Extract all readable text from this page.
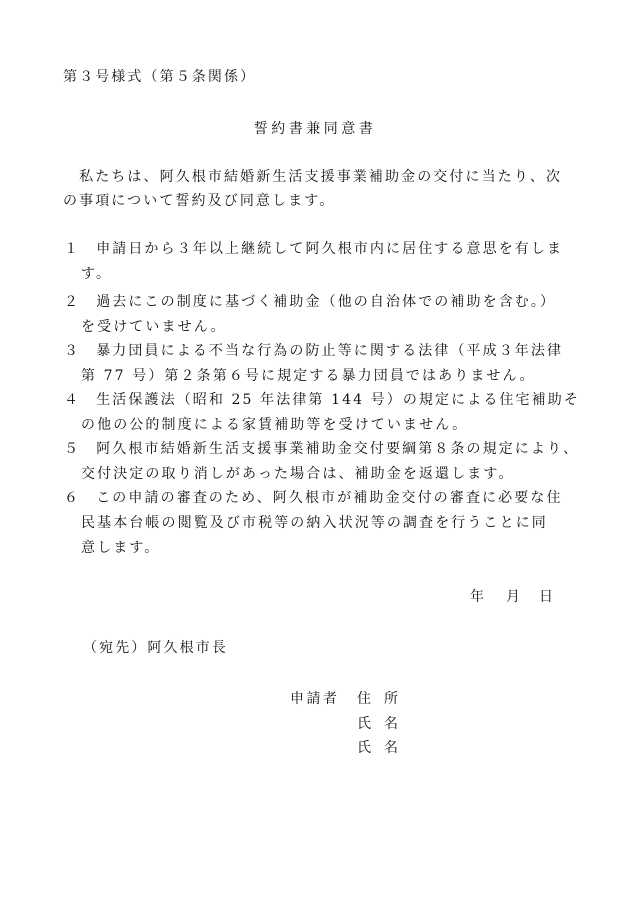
第３号様式（第５条関係）
誓約書兼同意書
　私たちは、阿久根市結婚新生活支援事業補助金の交付に当たり、次
の事項について誓約及び同意します。
１　申請日から３年以上継続して阿久根市内に居住する意思を有しま
す。
２　過去にこの制度に基づく補助金（他の自治体での補助を含む。）
を受けていません。
３　暴力団員による不当な行為の防止等に関する法律（平成３年法律
第 77 号）第２条第６号に規定する暴力団員ではありません。
４　生活保護法（昭和 25 年法律第 144 号）の規定による住宅補助そ
の他の公的制度による家賃補助等を受けていません。
５　阿久根市結婚新生活支援事業補助金交付要綱第８条の規定により、
交付決定の取り消しがあった場合は、補助金を返還します。
６　この申請の審査のため、阿久根市が補助金交付の審査に必要な住
民基本台帳の閲覧及び市税等の納入状況等の調査を行うことに同
意します。
年 月 日
（宛先）阿久根市長
申請者 住 所
氏 名
氏 名
